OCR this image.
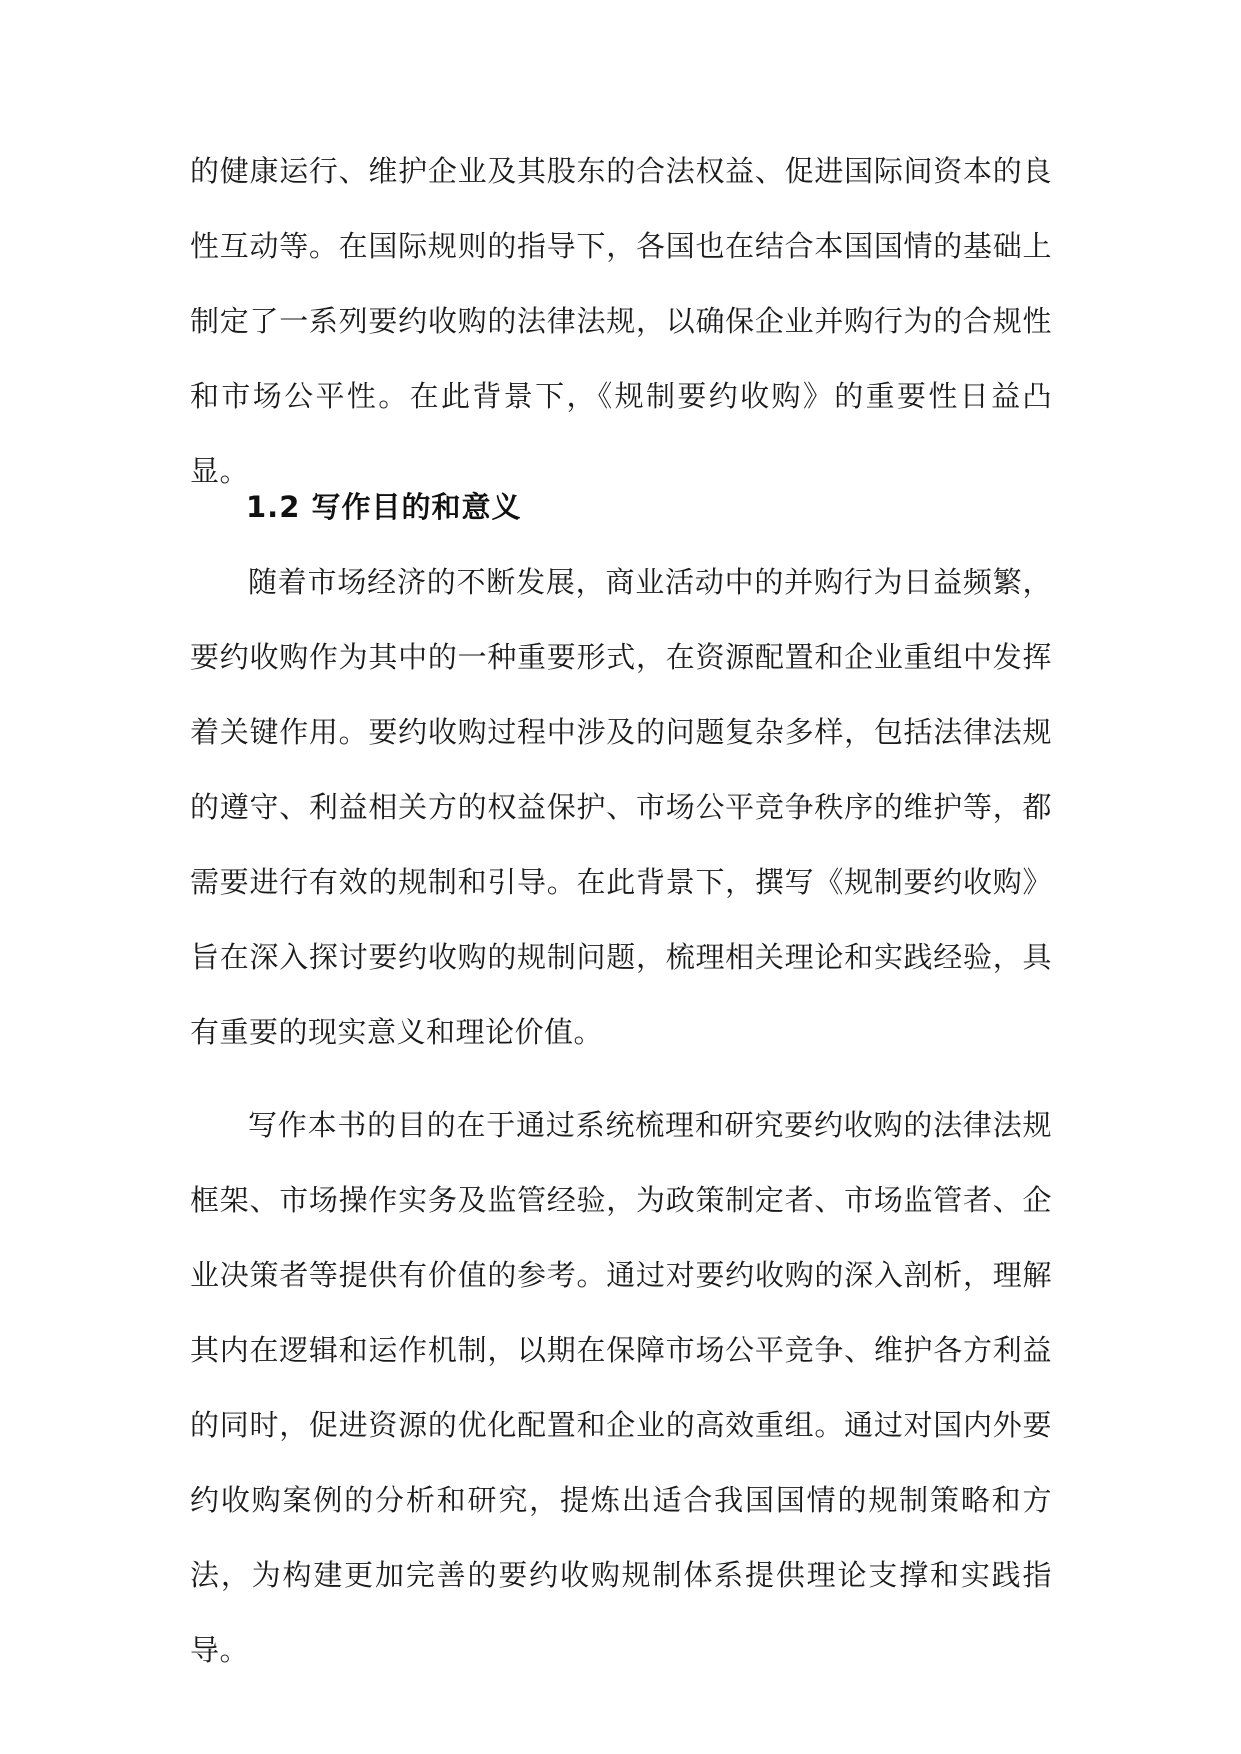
的健康运行、维护企业及其股东的合法权益、促进国际间资本的良性互动等。在国际规则的指导下，各国也在结合本国国情的基础上制定了一系列要约收购的法律法规，以确保企业并购行为的合规性和市场公平性。在此背景下，《规制要约收购》的重要性日益凸显。

1.2 写作目的和意义

随着市场经济的不断发展，商业活动中的并购行为日益频繁，要约收购作为其中的一种重要形式，在资源配置和企业重组中发挥着关键作用。要约收购过程中涉及的问题复杂多样，包括法律法规的遵守、利益相关方的权益保护、市场公平竞争秩序的维护等，都需要进行有效的规制和引导。在此背景下，撰写《规制要约收购》旨在深入探讨要约收购的规制问题，梳理相关理论和实践经验，具有重要的现实意义和理论价值。

写作本书的目的在于通过系统梳理和研究要约收购的法律法规框架、市场操作实务及监管经验，为政策制定者、市场监管者、企业决策者等提供有价值的参考。通过对要约收购的深入剖析，理解其内在逻辑和运作机制，以期在保障市场公平竞争、维护各方利益的同时，促进资源的优化配置和企业的高效重组。通过对国内外要约收购案例的分析和研究，提炼出适合我国国情的规制策略和方法，为构建更加完善的要约收购规制体系提供理论支撑和实践指导。
